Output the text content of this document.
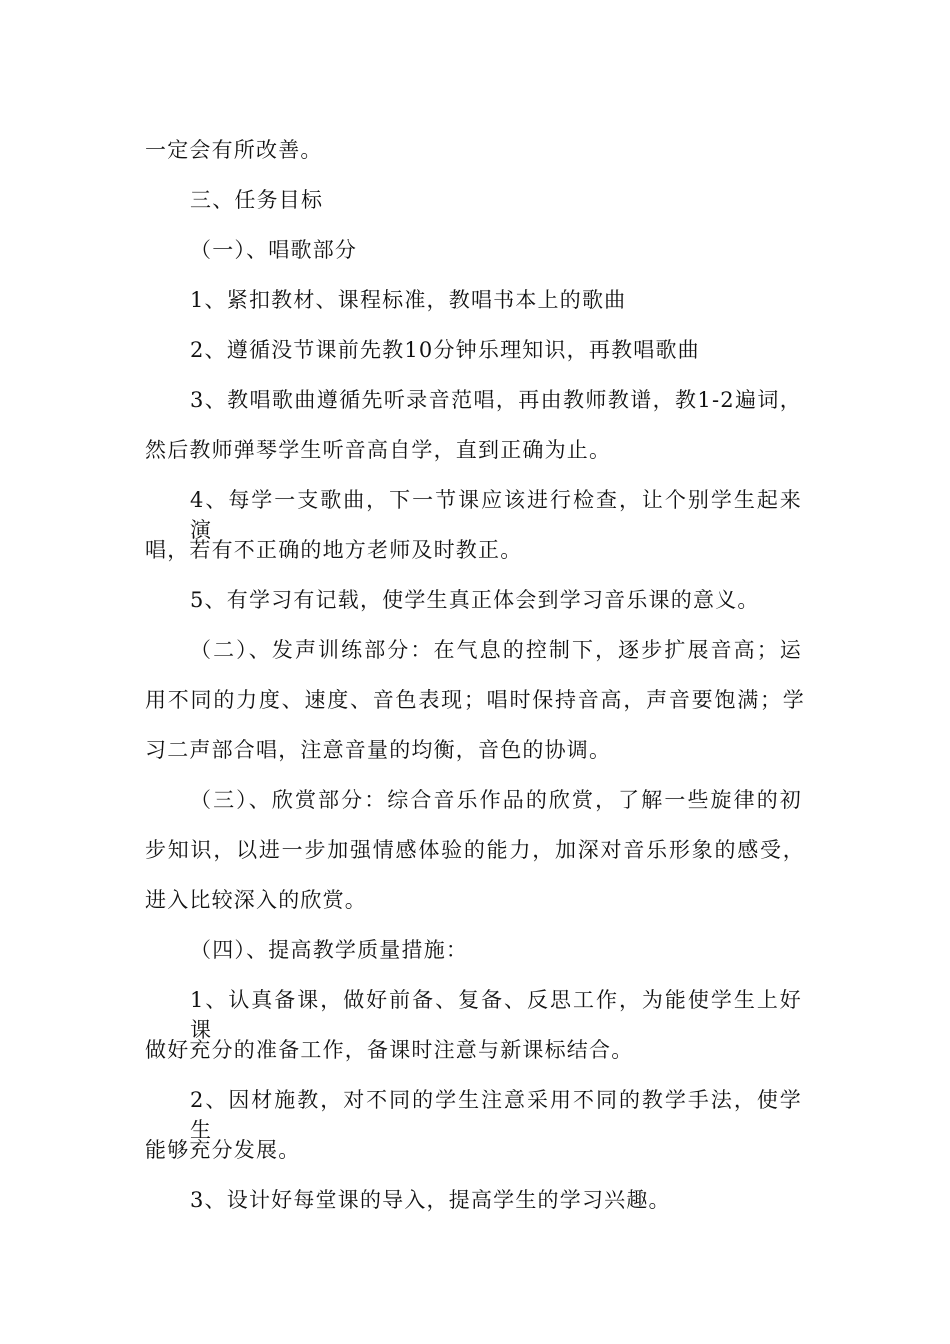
一定会有所改善。
三、任务目标
（一）、唱歌部分
1、紧扣教材、课程标准，教唱书本上的歌曲
2、遵循没节课前先教10分钟乐理知识，再教唱歌曲
3、教唱歌曲遵循先听录音范唱，再由教师教谱，教1-2遍词，
然后教师弹琴学生听音高自学，直到正确为止。
4、每学一支歌曲，下一节课应该进行检查，让个别学生起来演
唱，若有不正确的地方老师及时教正。
5、有学习有记载，使学生真正体会到学习音乐课的意义。
（二）、发声训练部分：在气息的控制下，逐步扩展音高；运
用不同的力度、速度、音色表现；唱时保持音高，声音要饱满；学
习二声部合唱，注意音量的均衡，音色的协调。
（三）、欣赏部分：综合音乐作品的欣赏，了解一些旋律的初
步知识，以进一步加强情感体验的能力，加深对音乐形象的感受，
进入比较深入的欣赏。
（四）、提高教学质量措施：
1、认真备课，做好前备、复备、反思工作，为能使学生上好课
做好充分的准备工作，备课时注意与新课标结合。
2、因材施教，对不同的学生注意采用不同的教学手法，使学生
能够充分发展。
3、设计好每堂课的导入，提高学生的学习兴趣。
